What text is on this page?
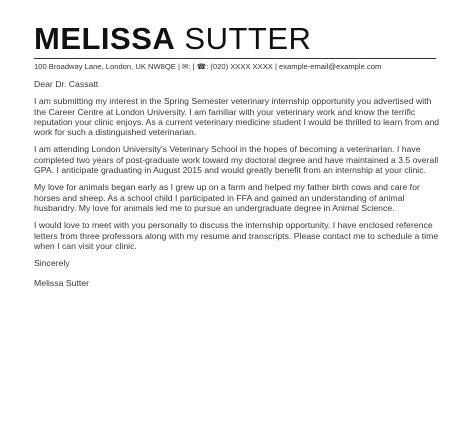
MELISSA SUTTER
100 Broadway Lane, London, UK NW8QE | ✉: | ☎: (020) XXXX XXXX | example-email@example.com
Dear Dr. Cassatt

I am submitting my interest in the Spring Semester veterinary internship opportunity you advertised with the Career Centre at London University. I am familiar with your veterinary work and know the terrific reputation your clinic enjoys. As a current veterinary medicine student I would be thrilled to learn from and work for such a distinguished veterinarian.

I am attending London University's Veterinary School in the hopes of becoming a veterinarian. I have completed two years of post-graduate work toward my doctoral degree and have maintained a 3.5 overall GPA. I anticipate graduating in August 2015 and would greatly benefit from an internship at your clinic.

My love for animals began early as I grew up on a farm and helped my father birth cows and care for horses and sheep. As a school child I participated in FFA and gained an understanding of animal husbandry. My love for animals led me to pursue an undergraduate degree in Animal Science.

I would love to meet with you personally to discuss the internship opportunity. I have enclosed reference letters from three professors along with my resume and transcripts. Please contact me to schedule a time when I can visit your clinic.

Sincerely
Melissa Sutter
